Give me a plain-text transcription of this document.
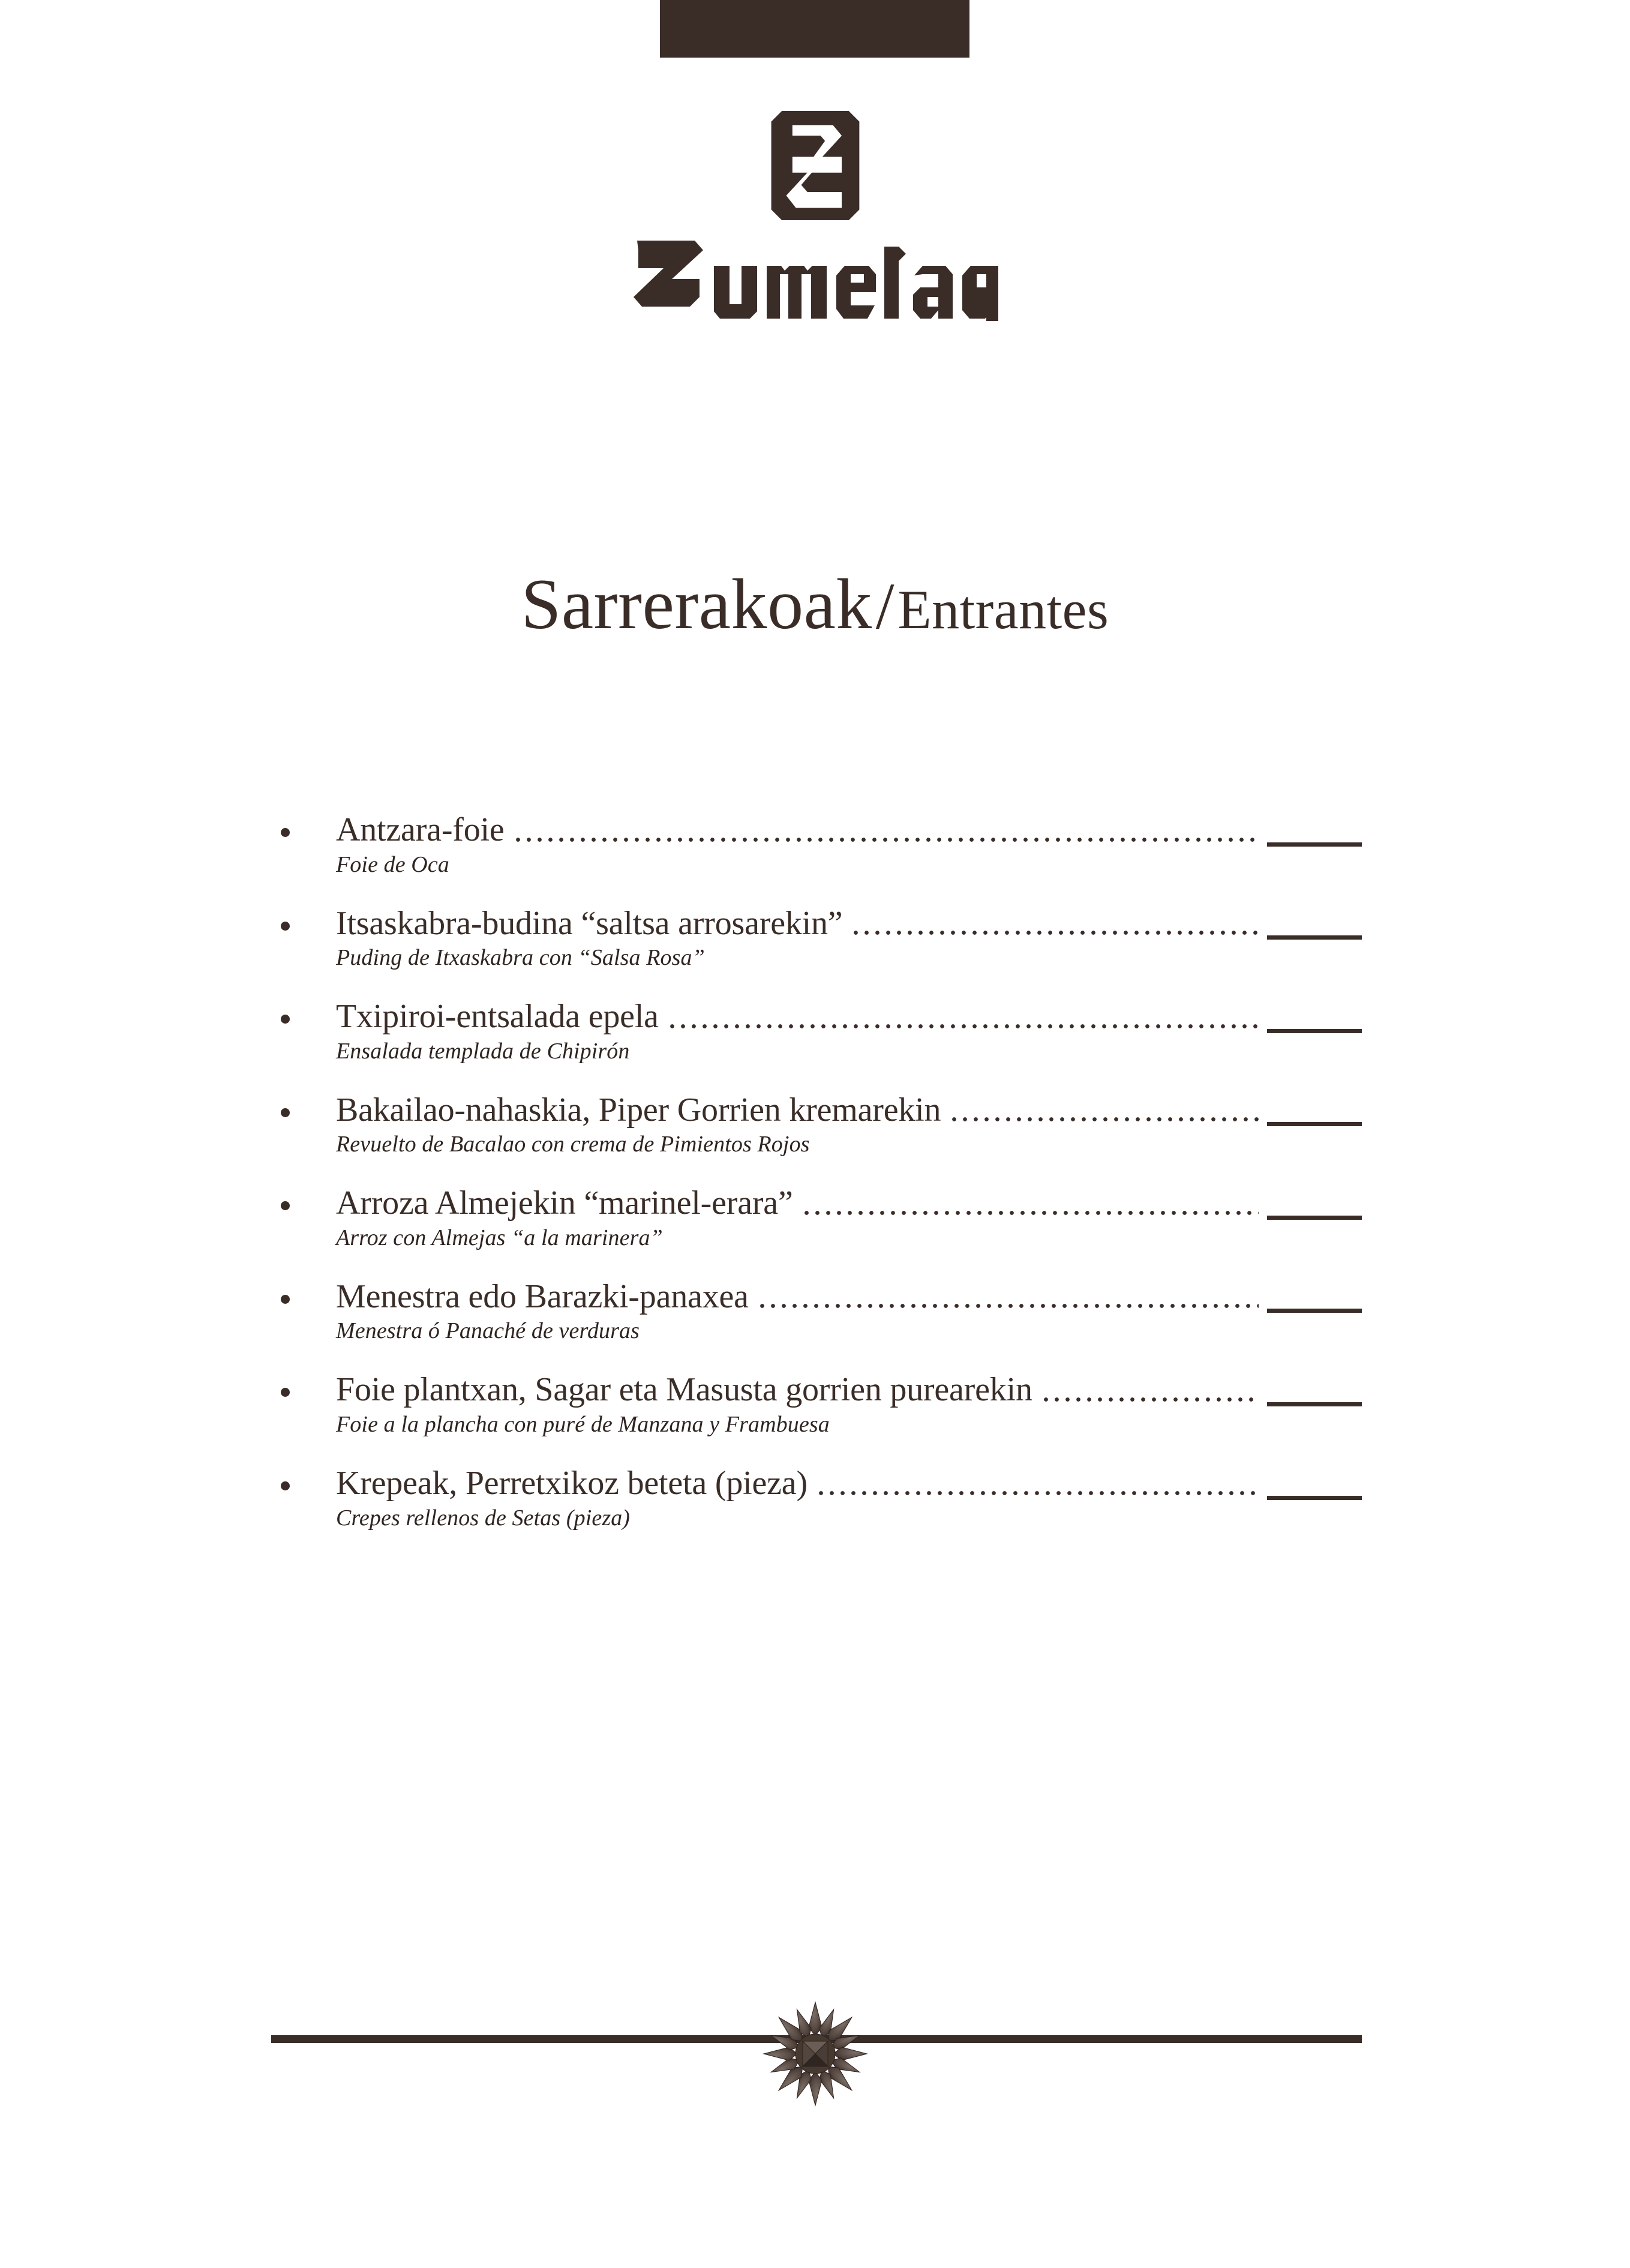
Sarrerakoak/Entrantes
Antzara-foie
Foie de Oca
Itsaskabra-budina “saltsa arrosarekin”
Puding de Itxaskabra con “Salsa Rosa”
Txipiroi-entsalada epela
Ensalada templada de Chipirón
Bakailao-nahaskia, Piper Gorrien kremarekin
Revuelto de Bacalao con crema de Pimientos Rojos
Arroza Almejekin “marinel-erara”
Arroz con Almejas “a la marinera”
Menestra edo Barazki-panaxea
Menestra ó Panaché de verduras
Foie plantxan, Sagar eta Masusta gorrien purearekin
Foie a la plancha con puré de Manzana y Frambuesa
Krepeak, Perretxikoz beteta (pieza)
Crepes rellenos de Setas (pieza)
